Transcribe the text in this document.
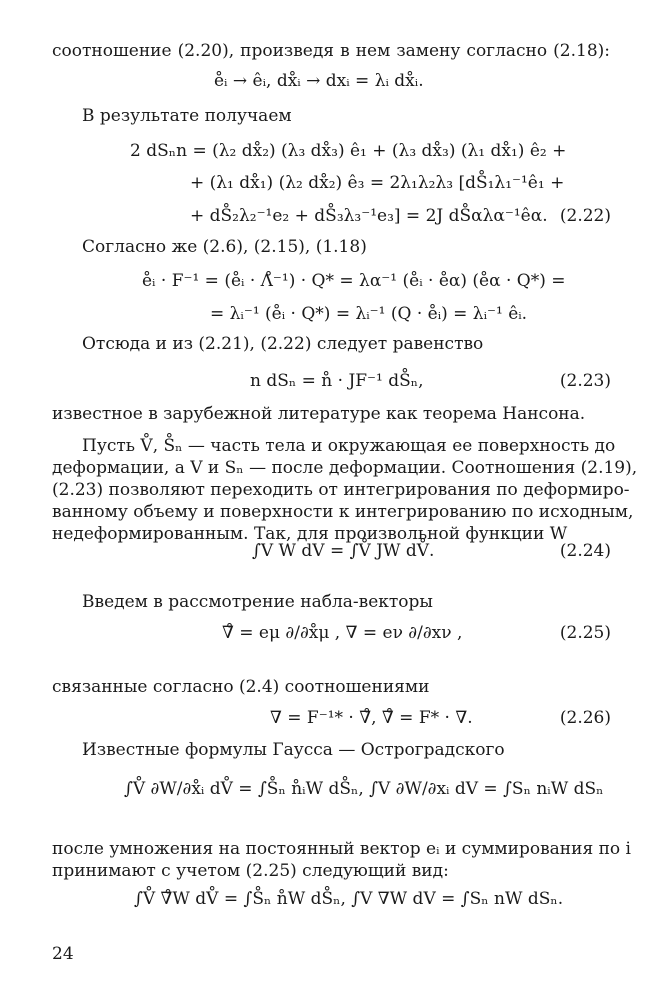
соотношение (2.20), произведя в нем замену согласно (2.18):
e̊ᵢ → êᵢ, dx̊ᵢ → dxᵢ = λᵢ dx̊ᵢ.
В результате получаем
2 dSₙn = (λ₂ dx̊₂) (λ₃ dx̊₃) ê₁ + (λ₃ dx̊₃) (λ₁ dx̊₁) ê₂ +
+ (λ₁ dx̊₁) (λ₂ dx̊₂) ê₃ = 2λ₁λ₂λ₃ [dS̊₁λ₁⁻¹ê₁ +
+ dS̊₂λ₂⁻¹e₂ + dS̊₃λ₃⁻¹e₃] = 2J dS̊αλα⁻¹êα. (2.22)
Согласно же (2.6), (2.15), (1.18)
e̊ᵢ · F⁻¹ = (e̊ᵢ · Λ̊⁻¹) · Q* = λα⁻¹ (e̊ᵢ · e̊α) (e̊α · Q*) =
= λᵢ⁻¹ (e̊ᵢ · Q*) = λᵢ⁻¹ (Q · e̊ᵢ) = λᵢ⁻¹ êᵢ.
Отсюда и из (2.21), (2.22) следует равенство
n dSₙ = n̊ · JF⁻¹ dS̊ₙ,	(2.23)
известное в зарубежной литературе как теорема Нансона.
Пусть V̊, S̊ₙ — часть тела и окружающая ее поверхность до
деформации, а V и Sₙ — после деформации. Соотношения (2.19),
(2.23) позволяют переходить от интегрирования по деформиро-
ванному объему и поверхности к интегрированию по исходным,
недеформированным. Так, для произвольной функции W
∫V W dV = ∫V̊ JW dV̊.	(2.24)
Введем в рассмотрение набла-векторы
∇̊ = eμ ∂/∂x̊μ , ∇ = eν ∂/∂xν ,	(2.25)
связанные согласно (2.4) соотношениями
∇ = F⁻¹* · ∇̊, ∇̊ = F* · ∇.	(2.26)
Известные формулы Гаусса — Остроградского
∫V̊ ∂W/∂x̊ᵢ dV̊ = ∫S̊ₙ n̊ᵢW dS̊ₙ, ∫V ∂W/∂xᵢ dV = ∫Sₙ nᵢW dSₙ
после умножения на постоянный вектор eᵢ и суммирования по i
принимают с учетом (2.25) следующий вид:
∫V̊ ∇̊W dV̊ = ∫S̊ₙ n̊W dS̊ₙ, ∫V ∇W dV = ∫Sₙ nW dSₙ.
24
